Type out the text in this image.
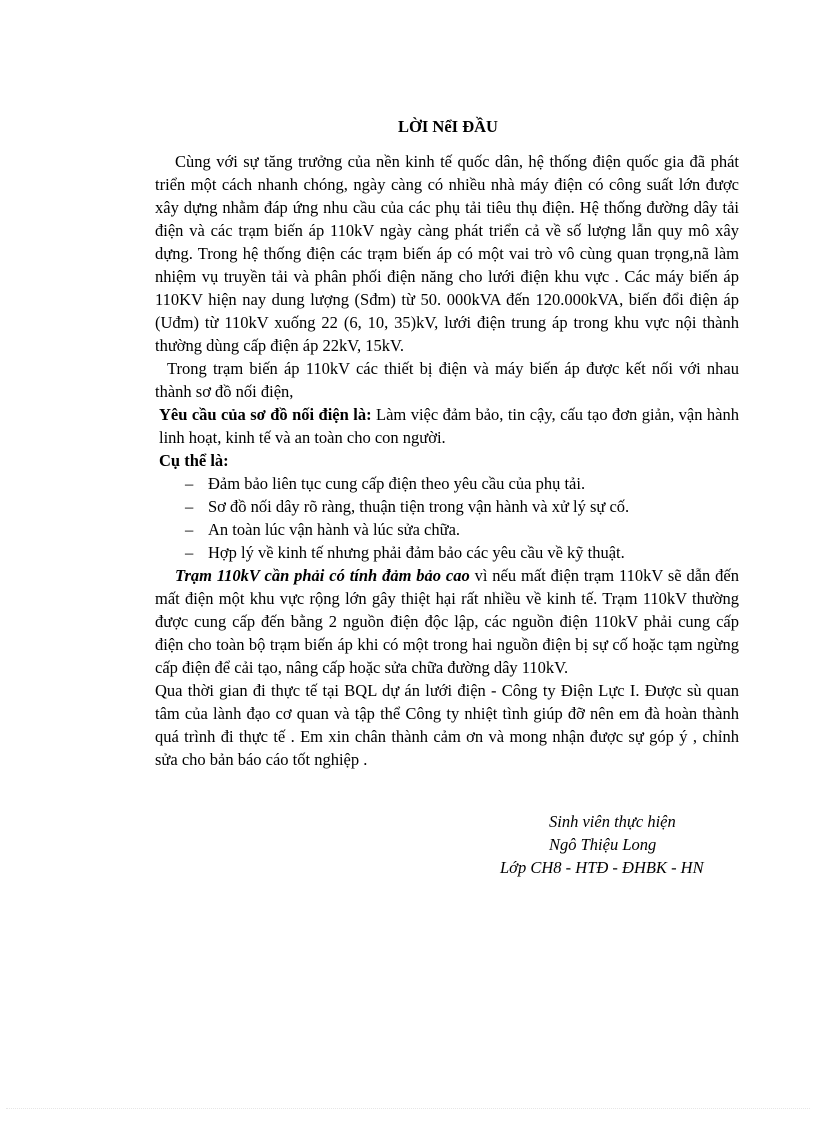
LỜI NểI ĐẦU

Cùng với sự tăng trưởng của nền kinh tế quốc dân, hệ thống điện quốc gia đã phát triển một cách nhanh chóng, ngày càng có nhiều nhà máy điện có công suất lớn được xây dựng nhằm đáp ứng nhu cầu của các phụ tải tiêu thụ điện. Hệ thống đường dây tải điện và các trạm biến áp 110kV ngày càng phát triển cả về số lượng lẫn quy mô xây dựng. Trong hệ thống điện các trạm biến áp có một vai trò vô cùng quan trọng,nã làm nhiệm vụ truyền tải và phân phối điện năng cho lưới điện khu vực . Các máy biến áp 110KV hiện nay dung lượng (Sđm) từ 50. 000kVA đến 120.000kVA, biến đổi điện áp (Uđm) từ 110kV xuống 22 (6, 10, 35)kV, lưới điện trung áp trong khu vực nội thành thường dùng cấp điện áp 22kV, 15kV.

Trong trạm biến áp 110kV các thiết bị điện và máy biến áp được kết nối với nhau thành sơ đồ nối điện,

Yêu cầu của sơ đồ nối điện là: Làm việc đảm bảo, tin cậy, cấu tạo đơn giản, vận hành linh hoạt, kinh tế và an toàn cho con người.

Cụ thể là:

– Đảm bảo liên tục cung cấp điện theo yêu cầu của phụ tải.
– Sơ đồ nối dây rõ ràng, thuận tiện trong vận hành và xử lý sự cố.
– An toàn lúc vận hành và lúc sửa chữa.
– Hợp lý về kinh tế nhưng phải đảm bảo các yêu cầu về kỹ thuật.

Trạm 110kV cần phải có tính đảm bảo cao vì nếu mất điện trạm 110kV sẽ dẫn đến mất điện một khu vực rộng lớn gây thiệt hại rất nhiều về kinh tế. Trạm 110kV thường được cung cấp đến bằng 2 nguồn điện độc lập, các nguồn điện 110kV phải cung cấp điện cho toàn bộ trạm biến áp khi có một trong hai nguồn điện bị sự cố hoặc tạm ngừng cấp điện để cải tạo, nâng cấp hoặc sửa chữa đường dây 110kV.

Qua thời gian đi thực tế tại BQL dự án lưới điện - Công ty Điện Lực I. Được sù quan tâm của lành đạo cơ quan và tập thể Công ty nhiệt tình giúp đỡ nên em đà hoàn thành quá trình đi thực tế . Em xin chân thành cảm ơn và mong nhận được sự góp ý , chỉnh sửa cho bản báo cáo tốt nghiệp .

Sinh viên thực hiện
Ngô Thiệu Long
Lớp CH8 - HTĐ - ĐHBK - HN
